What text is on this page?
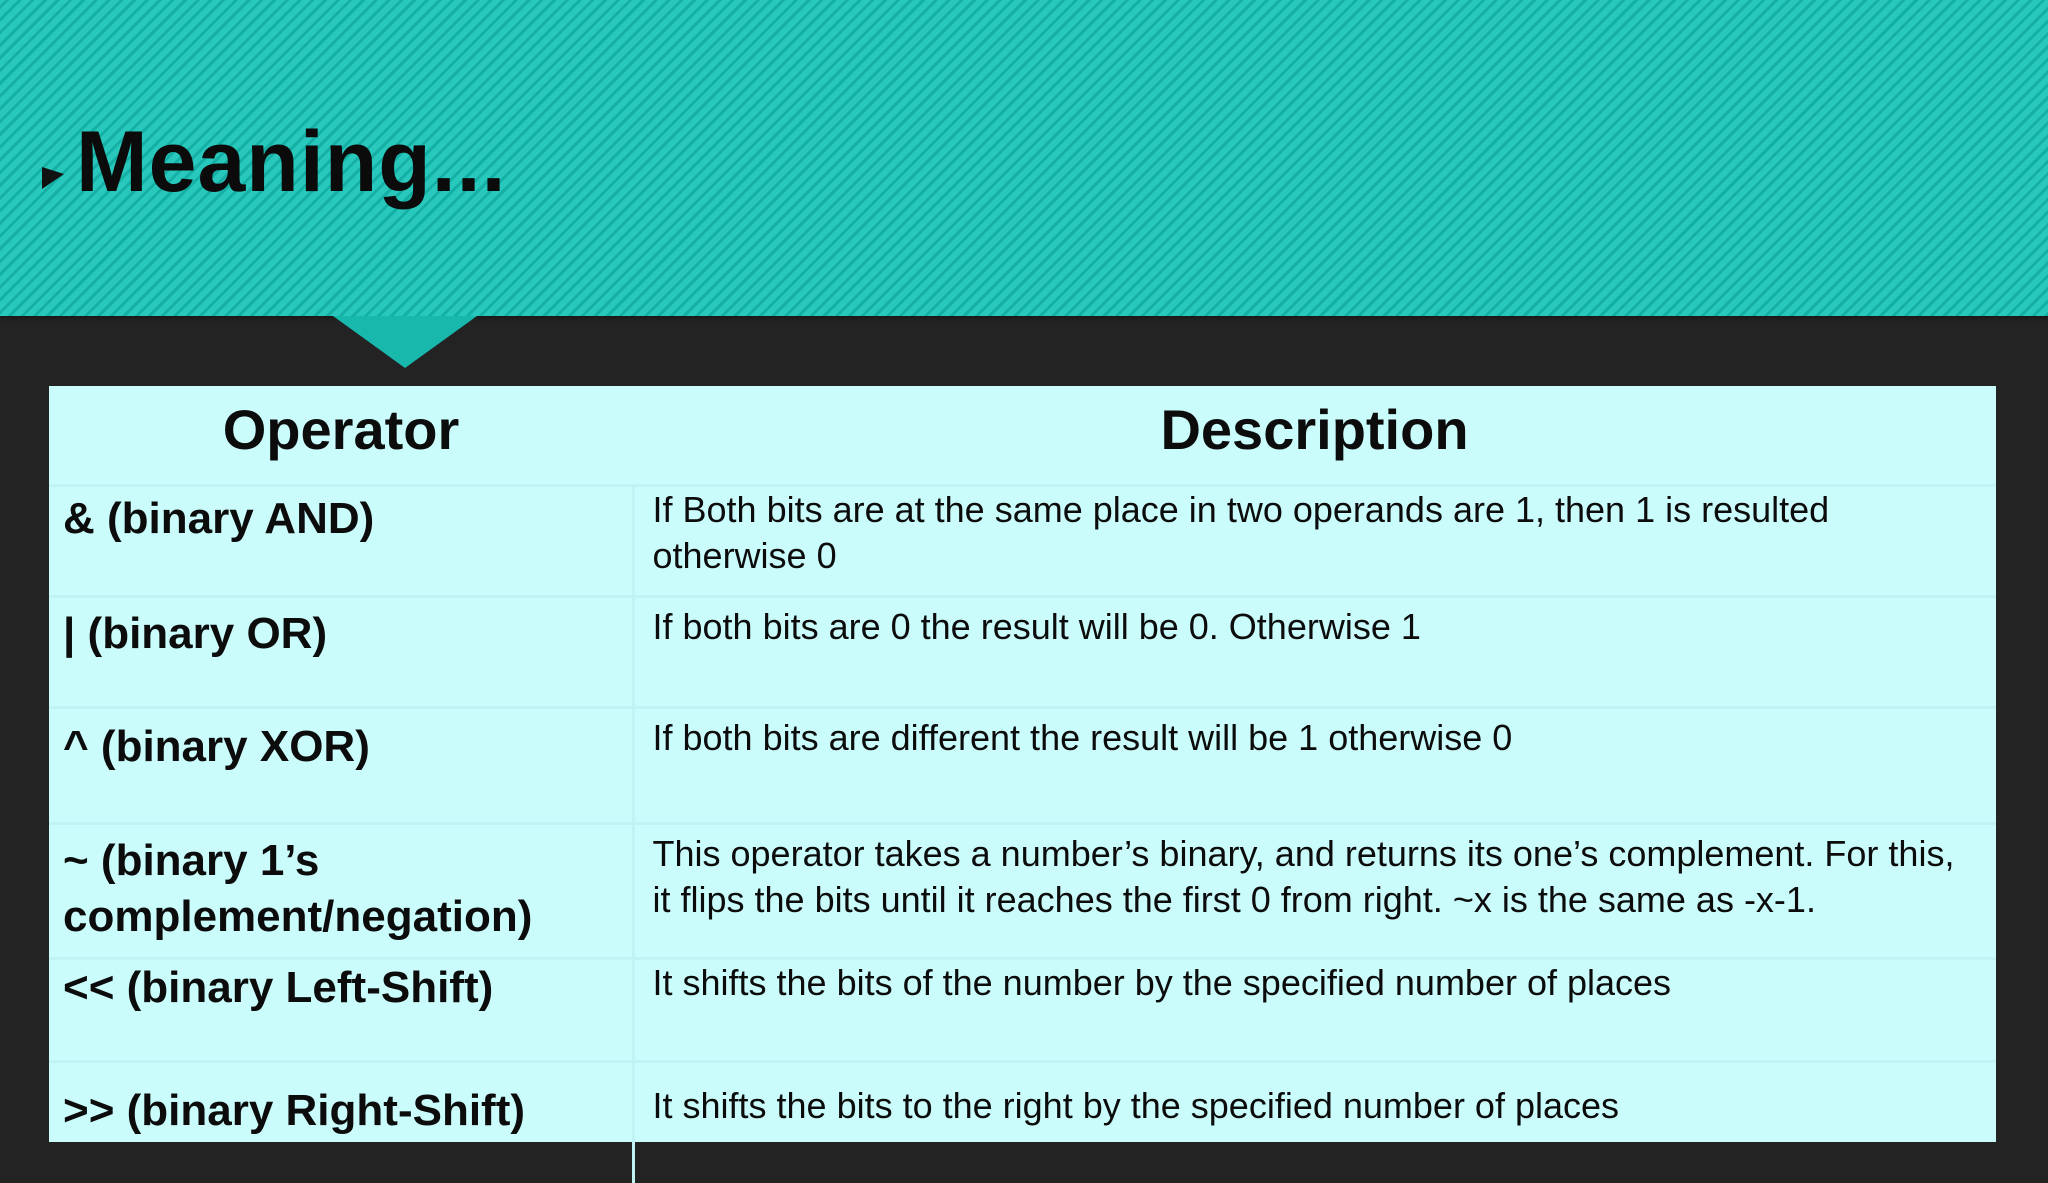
Meaning...
Operator	Description
& (binary AND)	If Both bits are at the same place in two operands are 1, then 1 is resulted otherwise 0
| (binary OR)	If both bits are 0 the result will be 0. Otherwise 1
^ (binary XOR)	If both bits are different the result will be 1 otherwise 0
~ (binary 1’s complement/negation)	This operator takes a number’s binary, and returns its one’s complement. For this, it flips the bits until it reaches the first 0 from right. ~x is the same as -x-1.
<< (binary Left-Shift)	It shifts the bits of the number by the specified number of places
>> (binary Right-Shift)	It shifts the bits to the right by the specified number of places
